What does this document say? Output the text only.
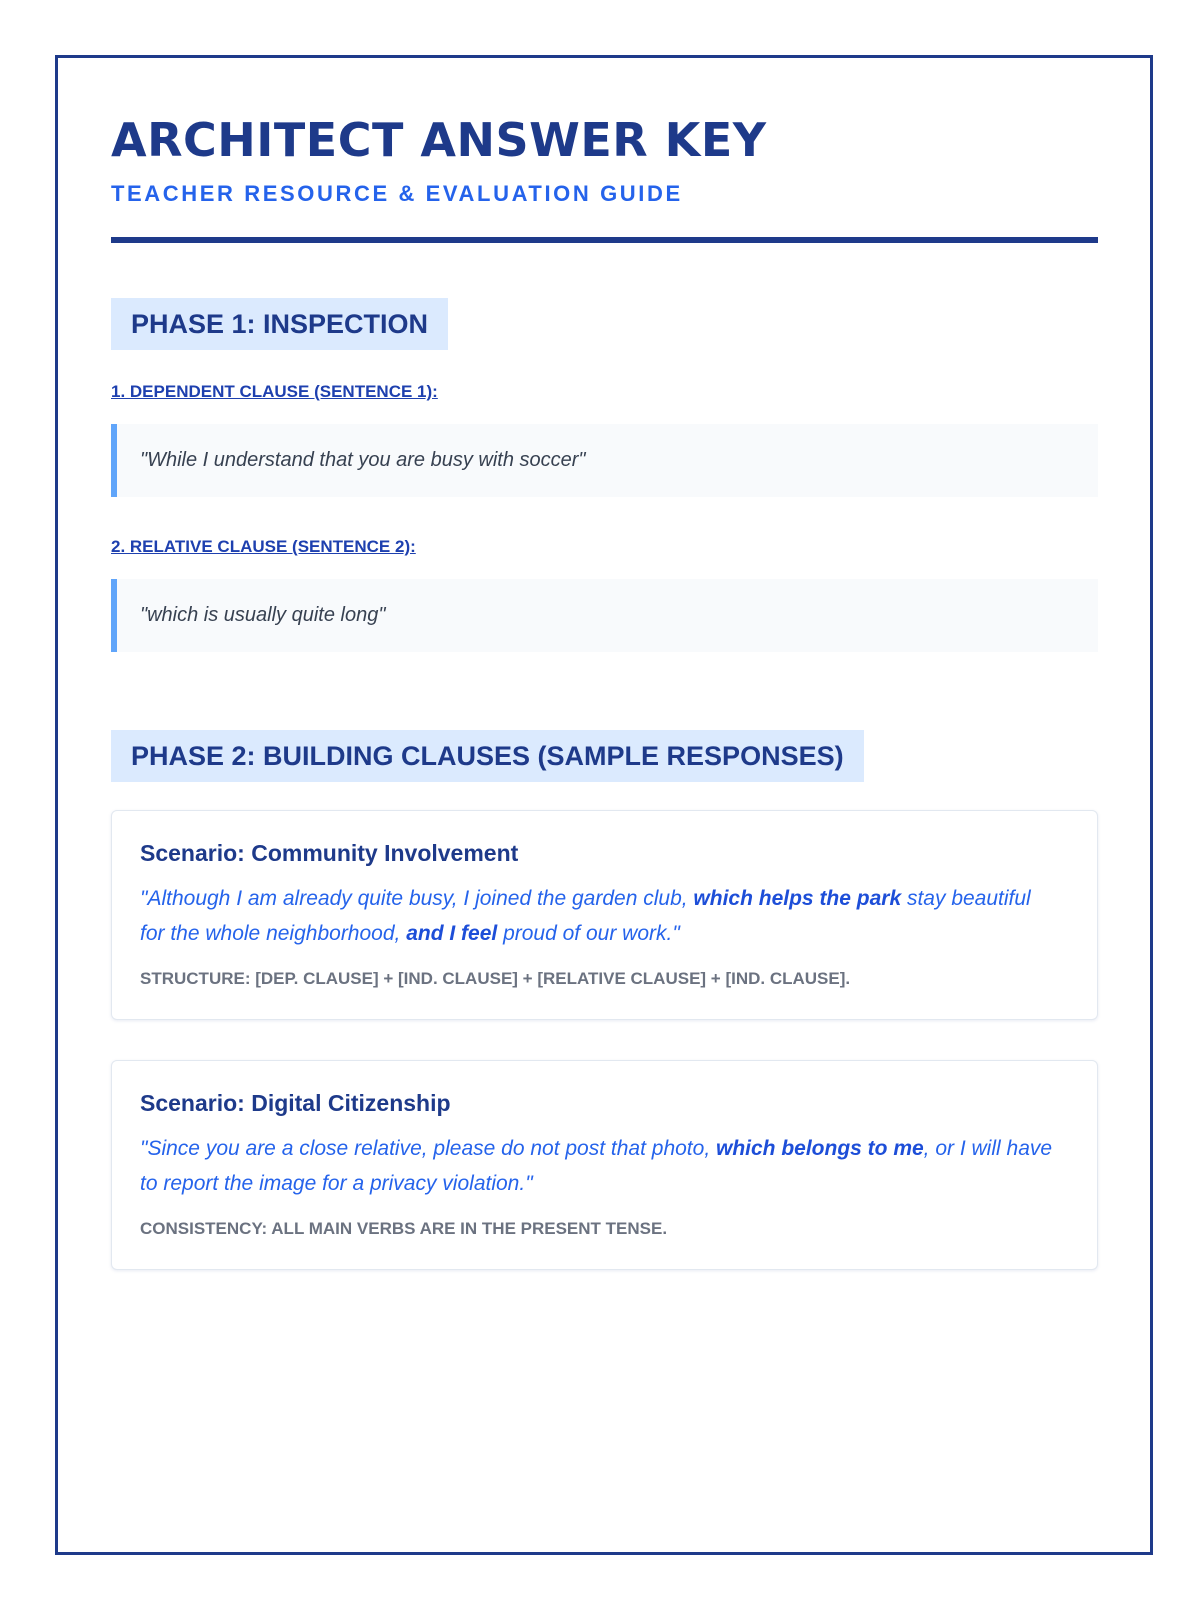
ARCHITECT ANSWER KEY
TEACHER RESOURCE & EVALUATION GUIDE
PHASE 1: INSPECTION
1. DEPENDENT CLAUSE (SENTENCE 1):
"While I understand that you are busy with soccer"
2. RELATIVE CLAUSE (SENTENCE 2):
"which is usually quite long"
PHASE 2: BUILDING CLAUSES (SAMPLE RESPONSES)
Scenario: Community Involvement

"Although I am already quite busy, I joined the garden club, which helps the park stay beautiful for the whole neighborhood, and I feel proud of our work."

STRUCTURE: [DEP. CLAUSE] + [IND. CLAUSE] + [RELATIVE CLAUSE] + [IND. CLAUSE].

Scenario: Digital Citizenship

"Since you are a close relative, please do not post that photo, which belongs to me, or I will have to report the image for a privacy violation."

CONSISTENCY: ALL MAIN VERBS ARE IN THE PRESENT TENSE.
